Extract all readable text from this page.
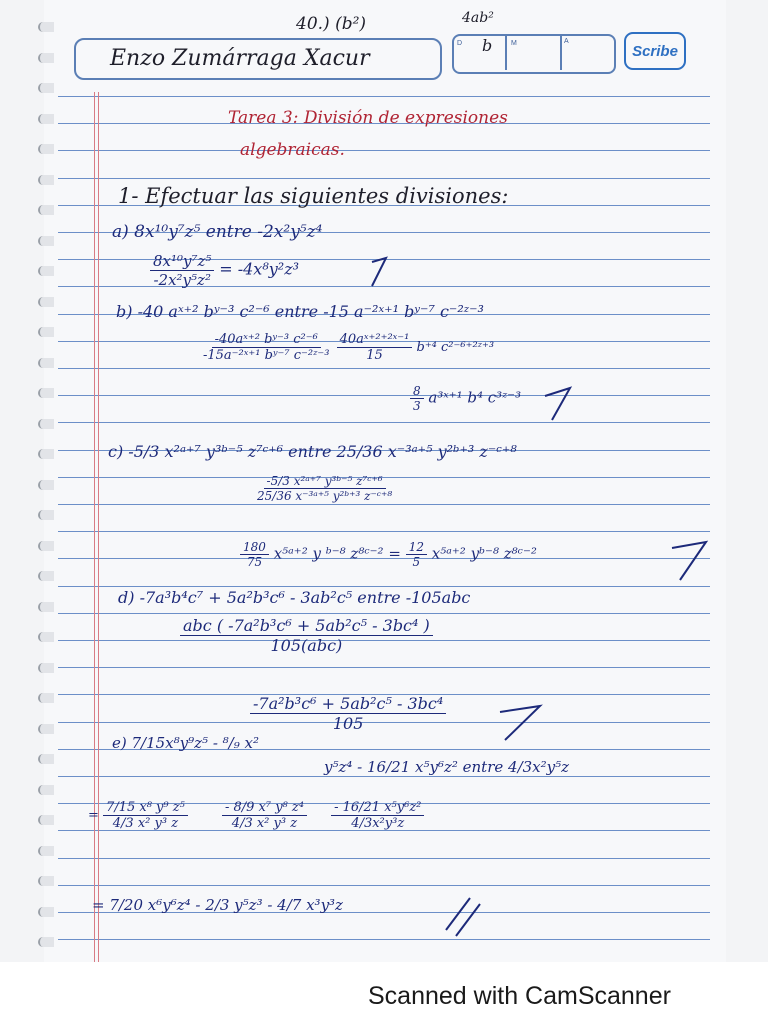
Enzo Zumárraga Xacur
40.) (b²)	4ab²
D	M	A
b	Scribe
Tarea 3: División de expresiones
algebraicas.
1- Efectuar las siguientes divisiones:
a) 8x¹⁰y⁷z⁵ entre -2x²y⁵z⁴
$\frac{\text{8x¹⁰y⁷z⁵}}{\text{-2x²y⁵z²}} = -4x^8y^2z^3$
b) -40 aˣ⁺² bʸ⁻³ c²⁻⁶ entre -15 a⁻²ˣ⁺¹ bʸ⁻⁷ c⁻²ᶻ⁻³
$\frac{\text{-40aˣ⁺² bʸ⁻³ c²⁻⁶}}{\text{-15a⁻²ˣ⁺¹ bʸ⁻⁷ c⁻²ᶻ⁻³}}$
$\frac{\text{40aˣ⁺²⁺²ˣ⁻¹}}{15} b^{+4}$ c²⁻⁶⁺²ᶻ⁺³
$\frac{8}{3}$ a³ˣ⁺¹ b⁴ c³ᶻ⁻³
c) -5/3 x²ᵃ⁺⁷ y³ᵇ⁻⁵ z⁷ᶜ⁺⁶ entre 25/36 x⁻³ᵃ⁺⁵ y²ᵇ⁺³ z⁻ᶜ⁺⁸
$\frac{\text{-5/3 x²ᵃ⁺⁷ y³ᵇ⁻⁵ z⁷ᶜ⁺⁶}}{\text{25/36 x⁻³ᵃ⁺⁵ y²ᵇ⁺³ z⁻ᶜ⁺⁸}}$
$\frac{180}{75}$ x⁵ᵃ⁺² y ᵇ⁻⁸ z⁸ᶜ⁻² = $\frac{12}{5}$ x⁵ᵃ⁺² yᵇ⁻⁸ z⁸ᶜ⁻²
d) -7a³b⁴c⁷ + 5a²b³c⁶ - 3ab²c⁵ entre -105abc
$\frac{\text{abc ( -7a²b³c⁶ + 5ab²c⁵ - 3bc⁴ )}}{\text{105(abc)}}$
$\frac{\text{-7a²b³c⁶ + 5ab²c⁵ - 3bc⁴}}{105}$
e) 7/15x⁸y⁹z⁵ - ⁸/₉ x²
y⁵z⁴ - 16/21 x⁵y⁶z² entre 4/3x²y⁵z
= $\frac{\text{7/15 x⁸ y⁹ z⁵}}{\text{4/3 x² y³ z}}$
	$\frac{\text{- 8/9 x⁷ y⁸ z⁴}}{\text{4/3 x² y³ z}}$
$\frac{\text{- 16/21 x⁵y⁶z²}}{\text{4/3x²y³z}}$
= 7/20 x⁶y⁶z⁴ - 2/3 y⁵z³ - 4/7 x³y³z
Scanned with CamScanner
